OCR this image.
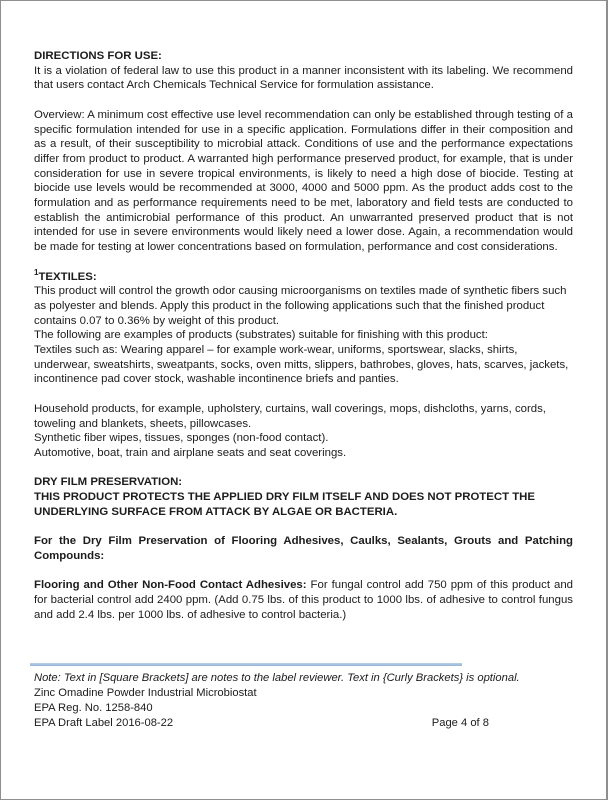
DIRECTIONS FOR USE:

It is a violation of federal law to use this product in a manner inconsistent with its labeling. We recommend that users contact Arch Chemicals Technical Service for formulation assistance.

Overview: A minimum cost effective use level recommendation can only be established through testing of a specific formulation intended for use in a specific application. Formulations differ in their composition and as a result, of their susceptibility to microbial attack. Conditions of use and the performance expectations differ from product to product. A warranted high performance preserved product, for example, that is under consideration for use in severe tropical environments, is likely to need a high dose of biocide. Testing at biocide use levels would be recommended at 3000, 4000 and 5000 ppm. As the product adds cost to the formulation and as performance requirements need to be met, laboratory and field tests are conducted to establish the antimicrobial performance of this product. An unwarranted preserved product that is not intended for use in severe environments would likely need a lower dose. Again, a recommendation would be made for testing at lower concentrations based on formulation, performance and cost considerations.

$^1$TEXTILES:

This product will control the growth odor causing microorganisms on textiles made of synthetic fibers such as polyester and blends. Apply this product in the following applications such that the finished product contains 0.07 to 0.36% by weight of this product.

The following are examples of products (substrates) suitable for finishing with this product:

Textiles such as: Wearing apparel – for example work-wear, uniforms, sportswear, slacks, shirts, underwear, sweatshirts, sweatpants, socks, oven mitts, slippers, bathrobes, gloves, hats, scarves, jackets, incontinence pad cover stock, washable incontinence briefs and panties.

Household products, for example, upholstery, curtains, wall coverings, mops, dishcloths, yarns, cords, toweling and blankets, sheets, pillowcases.

Synthetic fiber wipes, tissues, sponges (non-food contact).

Automotive, boat, train and airplane seats and seat coverings.

DRY FILM PRESERVATION:

THIS PRODUCT PROTECTS THE APPLIED DRY FILM ITSELF AND DOES NOT PROTECT THE UNDERLYING SURFACE FROM ATTACK BY ALGAE OR BACTERIA.

For the Dry Film Preservation of Flooring Adhesives, Caulks, Sealants, Grouts and Patching Compounds:

Flooring and Other Non-Food Contact Adhesives: For fungal control add 750 ppm of this product and for bacterial control add 2400 ppm. (Add 0.75 lbs. of this product to 1000 lbs. of adhesive to control fungus and add 2.4 lbs. per 1000 lbs. of adhesive to control bacteria.)

Note: Text in [Square Brackets] are notes to the label reviewer. Text in {Curly Brackets} is optional.
Zinc Omadine Powder Industrial Microbiostat
EPA Reg. No. 1258-840
EPA Draft Label 2016-08-22	Page 4 of 8
